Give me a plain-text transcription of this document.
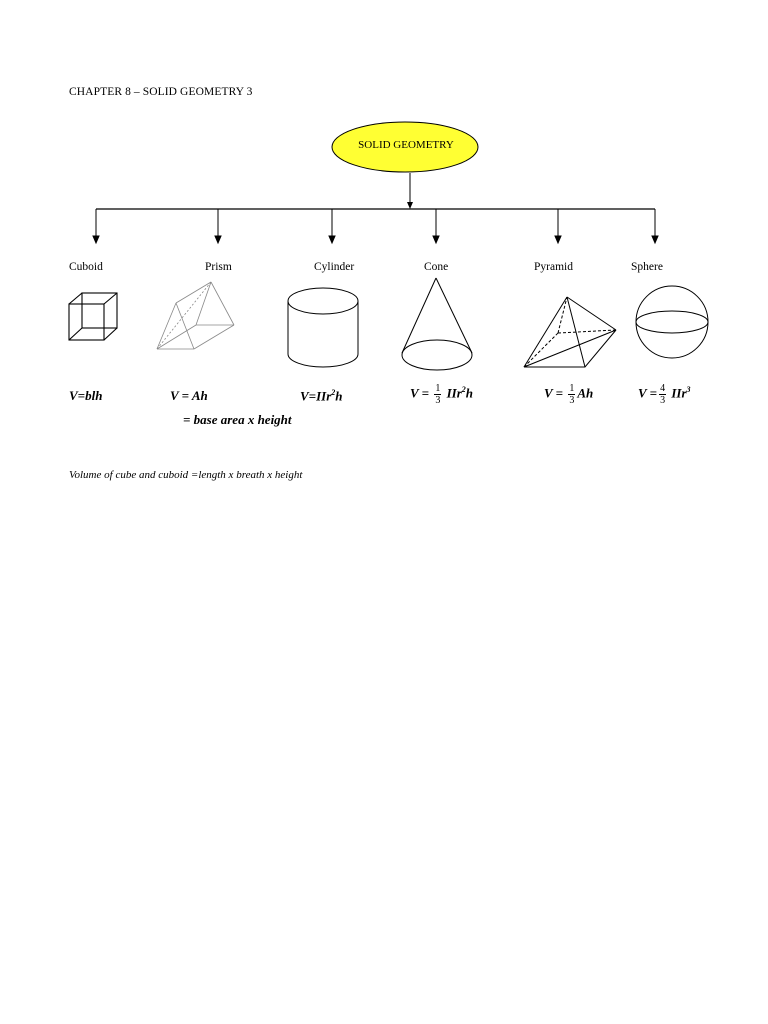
CHAPTER 8 – SOLID GEOMETRY 3
SOLID GEOMETRY
Cuboid	Prism	Cylinder	Cone	Pyramid	Sphere
V=blh	V = Ah	V=IIr$^2$h	$V = \frac{1}{3} IIr^2h$	$V = \frac{1}{3}$ Ah	$V = \frac{4}{3} IIr^3$
= base area x height
Volume of cube and cuboid =length x breath x height
